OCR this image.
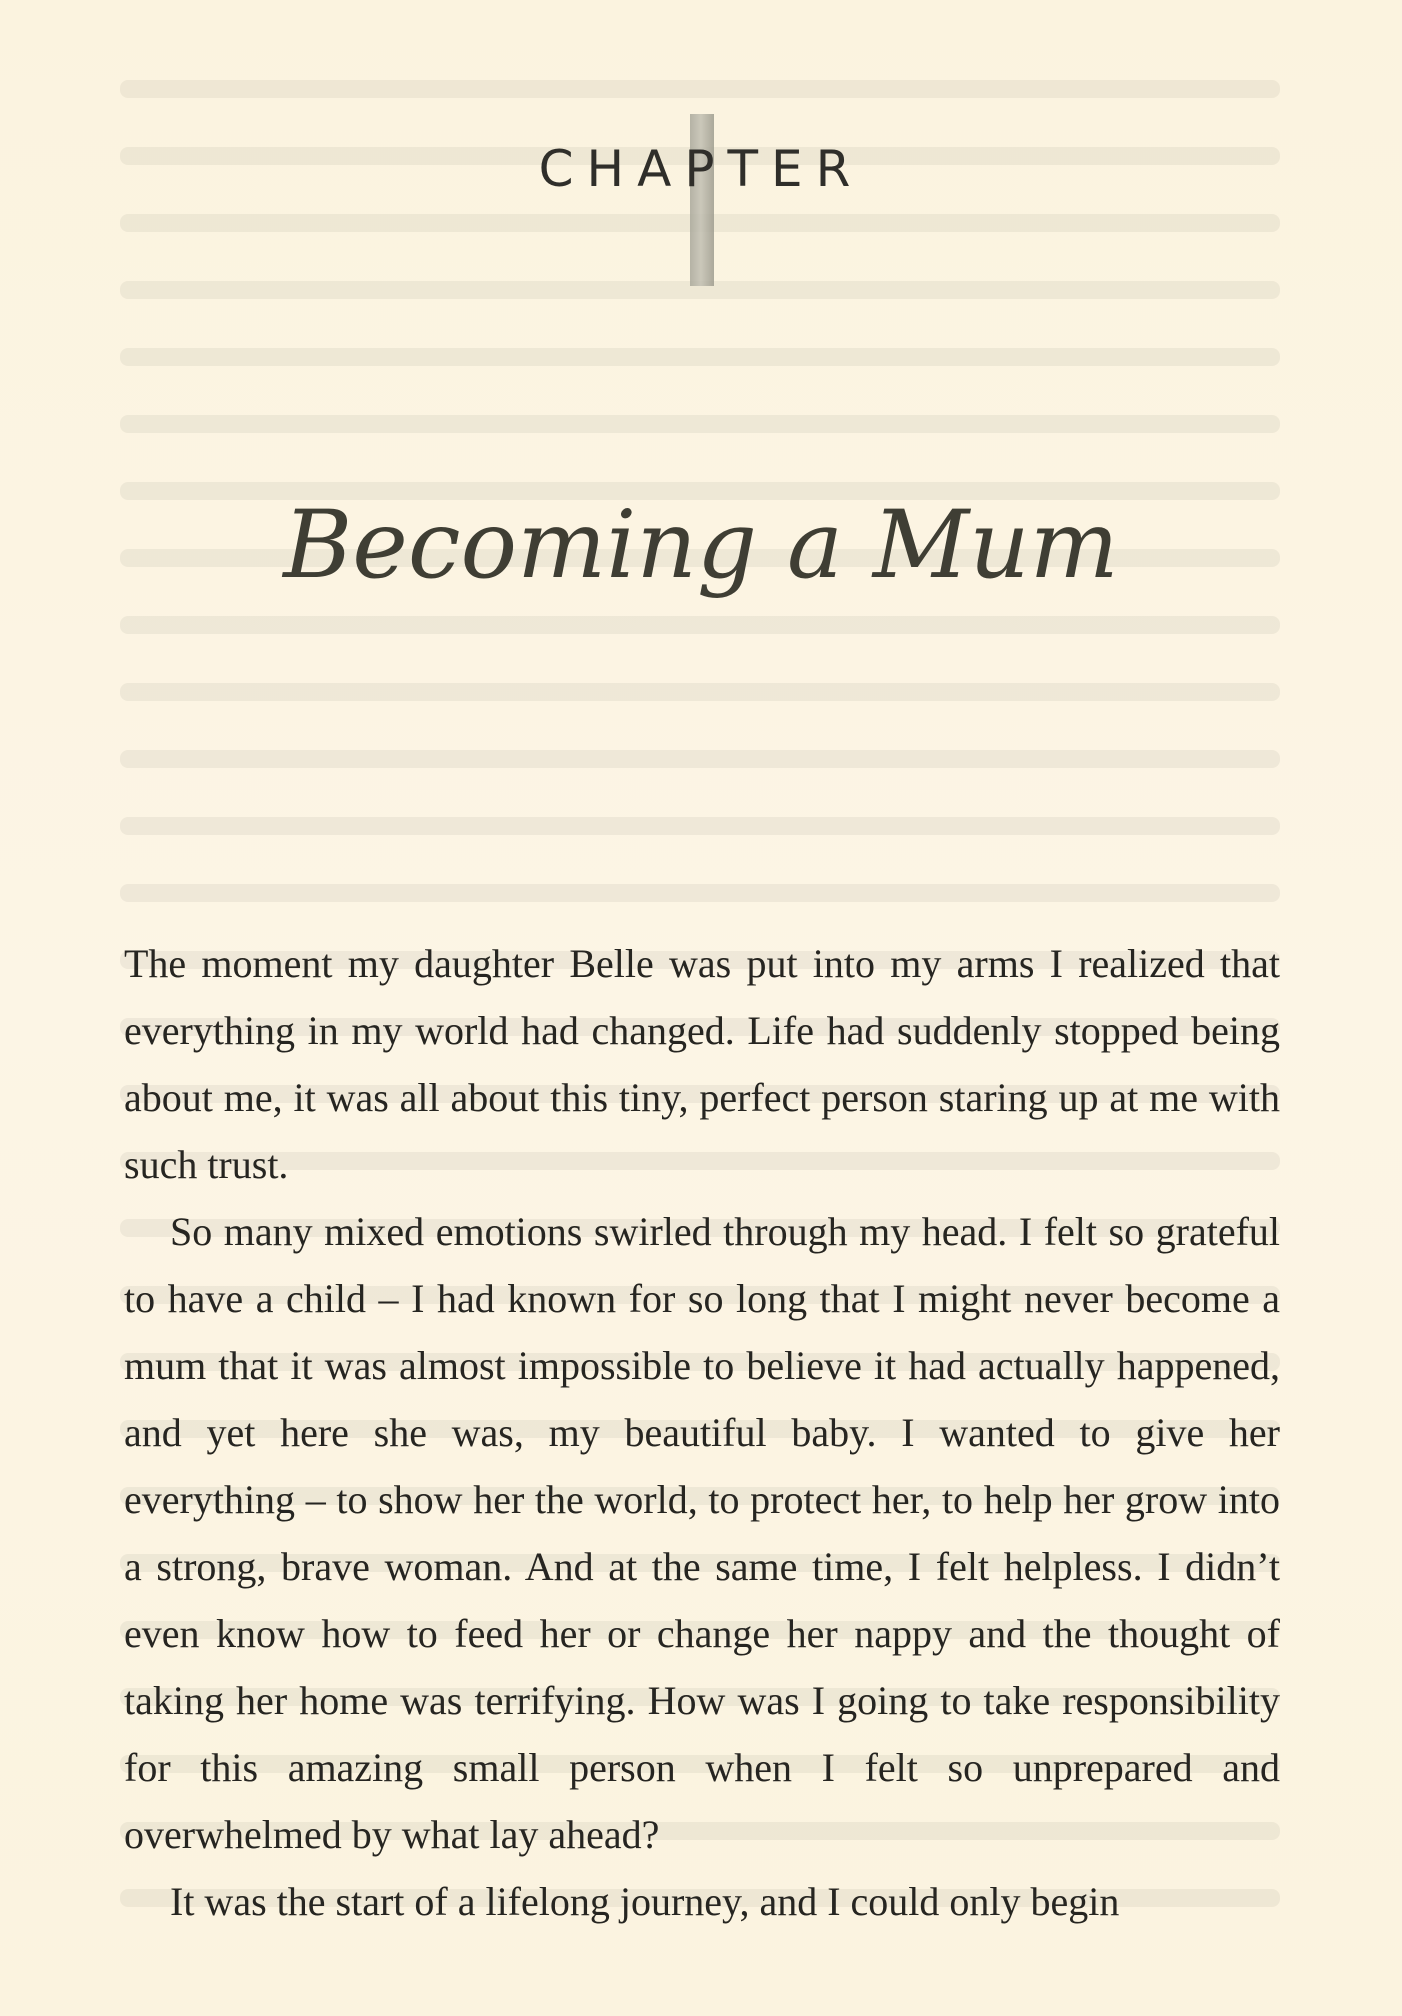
CHAPTER
Becoming a Mum

The moment my daughter Belle was put into my arms I realized that everything in my world had changed. Life had suddenly stopped being about me, it was all about this tiny, perfect person staring up at me with such trust.

So many mixed emotions swirled through my head. I felt so grateful to have a child – I had known for so long that I might never become a mum that it was almost impossible to believe it had actually happened, and yet here she was, my beautiful baby. I wanted to give her everything – to show her the world, to protect her, to help her grow into a strong, brave woman. And at the same time, I felt helpless. I didn’t even know how to feed her or change her nappy and the thought of taking her home was terrifying. How was I going to take responsibility for this amazing small person when I felt so unprepared and overwhelmed by what lay ahead?

It was the start of a lifelong journey, and I could only begin
